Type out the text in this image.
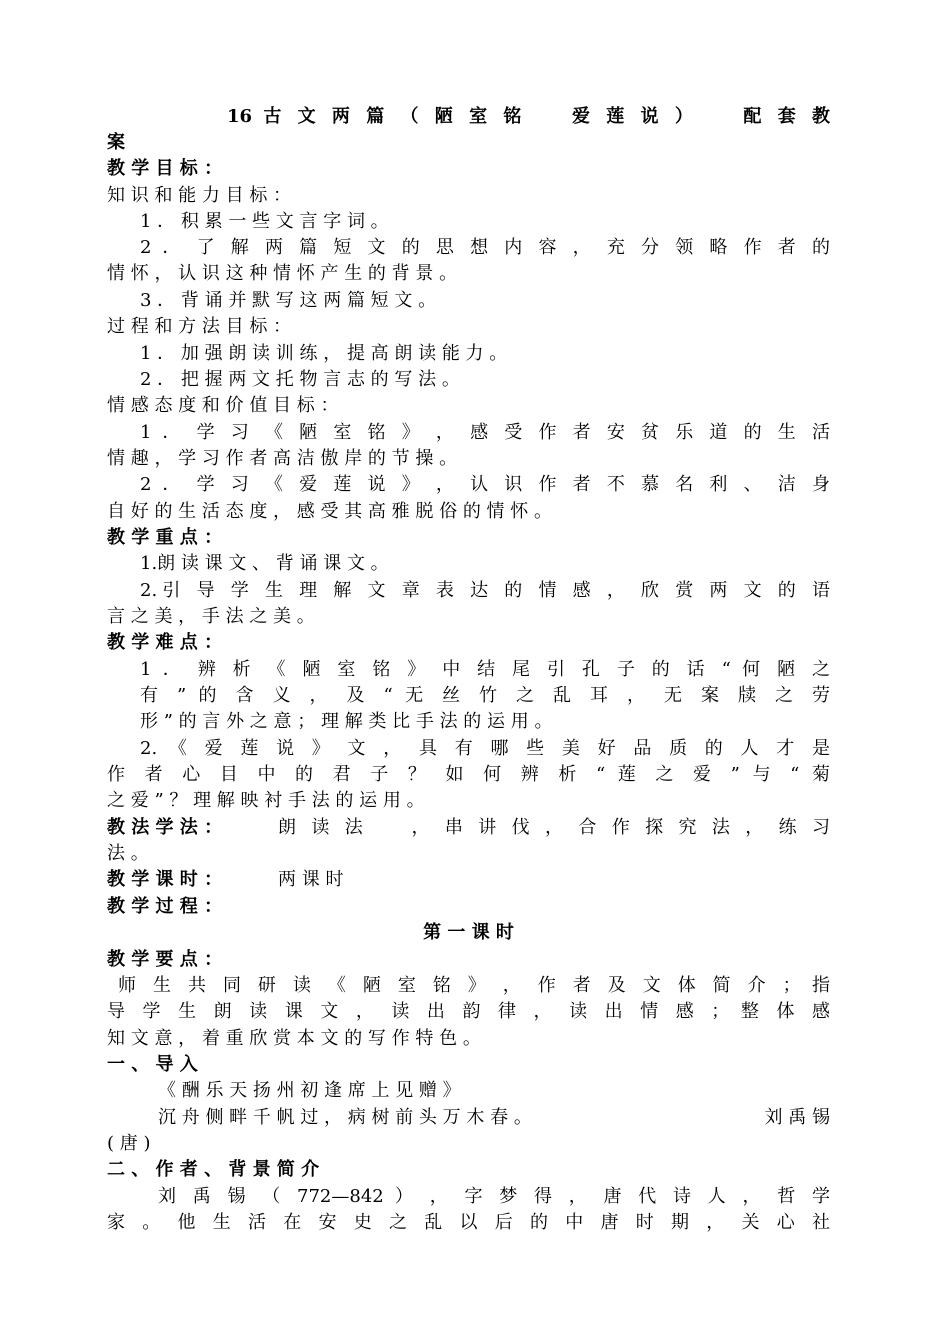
16 古 文 两 篇 （ 陋 室 铭 　 爱 莲 说 ） 　 配 套 教
案
教 学 目 标 ：
知 识 和 能 力 目 标 ：
1 ． 积 累 一 些 文 言 字 词 。
2 ． 了 解 两 篇 短 文 的 思 想 内 容 ， 充 分 领 略 作 者 的
情 怀 ， 认 识 这 种 情 怀 产 生 的 背 景 。
3 ． 背 诵 并 默 写 这 两 篇 短 文 。
过 程 和 方 法 目 标 ：
1 ． 加 强 朗 读 训 练 ， 提 高 朗 读 能 力 。
2 ． 把 握 两 文 托 物 言 志 的 写 法 。
情 感 态 度 和 价 值 目 标 ：
1 ． 学 习 《 陋 室 铭 》 ， 感 受 作 者 安 贫 乐 道 的 生 活
情 趣 ， 学 习 作 者 高 洁 傲 岸 的 节 操 。
2 ． 学 习 《 爱 莲 说 》 ， 认 识 作 者 不 慕 名 利 、 洁 身
自 好 的 生 活 态 度 ， 感 受 其 高 雅 脱 俗 的 情 怀 。
教 学 重 点 ：
1.朗 读 课 文 、 背 诵 课 文 。
2.引 导 学 生 理 解 文 章 表 达 的 情 感 ， 欣 赏 两 文 的 语
言 之 美 ， 手 法 之 美 。
教 学 难 点 ：
1 ． 辨 析 《 陋 室 铭 》 中 结 尾 引 孔 子 的 话 “ 何 陋 之
有 ” 的 含 义 ， 及 “ 无 丝 竹 之 乱 耳 ， 无 案 牍 之 劳
形 ” 的 言 外 之 意 ； 理 解 类 比 手 法 的 运 用 。
2. 《 爱 莲 说 》 文 ， 具 有 哪 些 美 好 品 质 的 人 才 是
作 者 心 目 中 的 君 子 ？ 如 何 辨 析 “ 莲 之 爱 ” 与 “ 菊
之 爱 ” ？ 理 解 映 衬 手 法 的 运 用 。
教 法 学 法 ：	朗 读 法 　 ， 串 讲 伐 ， 合 作 探 究 法 ， 练 习
法 。
教 学 课 时 ：	两 课 时
教 学 过 程 ：
第 一 课 时
教 学 要 点 ：
师 生 共 同 研 读 《 陋 室 铭 》 ， 作 者 及 文 体 简 介 ； 指
导 学 生 朗 读 课 文 ， 读 出 韵 律 ， 读 出 情 感 ； 整 体 感
知 文 意 ， 着 重 欣 赏 本 文 的 写 作 特 色 。
一 、 导 入
《 酬 乐 天 扬 州 初 逢 席 上 见 赠 》
沉 舟 侧 畔 千 帆 过 ， 病 树 前 头 万 木 春 。	刘 禹 锡
( 唐 )
二 、 作 者 、 背 景 简 介
刘 禹 锡 （ 772—842 ） ， 字 梦 得 ， 唐 代 诗 人 ， 哲 学
家 。 他 生 活 在 安 史 之 乱 以 后 的 中 唐 时 期 ， 关 心 社
